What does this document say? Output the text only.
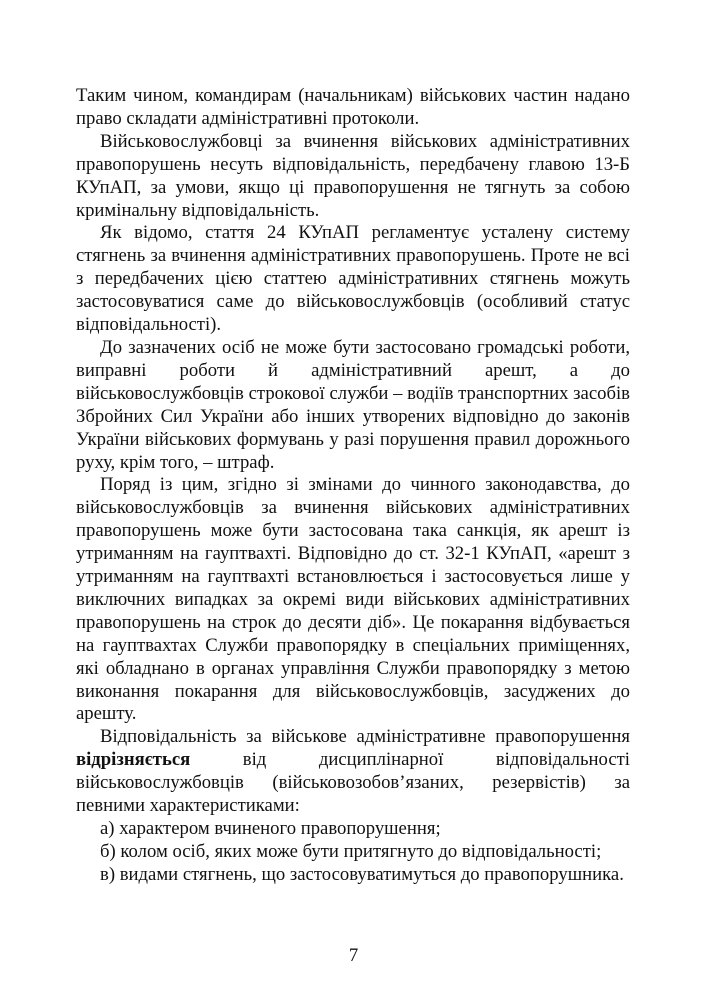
Таким чином, командирам (начальникам) військових частин надано право складати адміністративні протоколи.

Військовослужбовці за вчинення військових адміністративних правопорушень несуть відповідальність, передбачену главою 13-Б КУпАП, за умови, якщо ці правопорушення не тягнуть за собою кримінальну відповідальність.

Як відомо, стаття 24 КУпАП регламентує усталену систему стягнень за вчинення адміністративних правопорушень. Проте не всі з передбачених цією статтею адміністративних стягнень можуть застосовуватися саме до військовослужбовців (особливий статус відповідальності).

До зазначених осіб не може бути застосовано громадські роботи, виправні роботи й адміністративний арешт, а до військовослужбовців строкової служби – водіїв транспортних засобів Збройних Сил України або інших утворених відповідно до законів України військових формувань у разі порушення правил дорожнього руху, крім того, – штраф.

Поряд із цим, згідно зі змінами до чинного законодавства, до військовослужбовців за вчинення військових адміністративних правопорушень може бути застосована така санкція, як арешт із утриманням на гауптвахті. Відповідно до ст. 32-1 КУпАП, «арешт з утриманням на гауптвахті встановлюється і застосовується лише у виключних випадках за окремі види військових адміністративних правопорушень на строк до десяти діб». Це покарання відбувається на гауптвахтах Служби правопорядку в спеціальних приміщеннях, які обладнано в органах управління Служби правопорядку з метою виконання покарання для військовослужбовців, засуджених до арешту.

Відповідальність за військове адміністративне правопорушення відрізняється від дисциплінарної відповідальності військовослужбовців (військовозобов’язаних, резервістів) за певними характеристиками:

а) характером вчиненого правопорушення;

б) колом осіб, яких може бути притягнуто до відповідальності;

в) видами стягнень, що застосовуватимуться до правопорушника.

7
